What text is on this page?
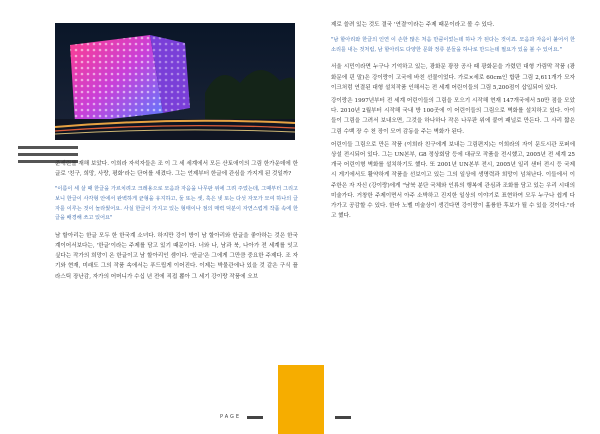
준세린를 재해 보았다. 이희라 자석자들은 조 이 그 세 세계에서 모든 산토애이의 그림 한가운데에 한글로 '친구, 희망, 사랑, 평화'라는 단어를 새겼다. 그는 언제부터 한글에 관심을 가지게 된 것일까?

"이름이 세 살 때 한글을 가르치려고 크레용으로 모음과 자음을 나무판 위에 그려 주었는데, 그때부터 그리고 보니 한글이 사각형 안에서 완벽하게 균형을 유지하고, 둘 또는 셋, 혹은 넷 또는 다섯 자모가 모여 하나의 글자를 이루는 것이 놀라웠어요. 사실 한글이 가지고 있는 형태이나 점의 매력 덕분이 자연스럽게 작품 속에 한글을 배경해 쓰고 있어요"

남 할아리는 한글 모두 한 한국계 소녀다. 하지만 강이 방이 남 할아리와 한글을 좋아하는 것은 한국 계이어서보다는, '한글'이라는 주제를 담고 있기 때문이다. 너와 나, 남과 북, 나아가 전 세계를 잇고 싶다는 작가의 희망이 온 한글이고 남 할아리인 셈이다. '한글'은 그에게 그만큼 중요한 주제다. 조 자기와 현재, 미래도 그의 작품 속에서는 푸드립게 이어진다. 이제는 박물관에나 있을 것 같은 구식 플라스틱 장난감, 자가의 어머니가 수십 년 전에 직접 뽑아 그 세기 강이랑 작품에 오브

제로 쓸려 있는 것도 결국 '연결'이라는 주제 때문이라고 볼 수 있다.

"남 할아리와 한글의 인연 이 손한 많은 처음 만큼이었는데 하나 가 된다는 것이죠. 모음과 자음이 붙어서 한 소리를 내는 것처럼, 남 할아리도 다양한 문화 정류 분들을 하나로 만드는데 필요가 있을 볼 수 있어요."

서울 시민이라면 누구나 기억하고 있는, 광화문 광장 공사 때 광화문을 가렸던 대형 가림막 작품 (광화문에 핀 말)은 강이랑이 고국에 바친 선물이었다. 가로×세로 60cm인 합판 그림 2,611개가 모자이크처럼 연결된 대형 설치작품 인해서는 전 세계 어린이들의 그림 5,200점이 삽입되어 있다.

강이랑은 1997년부터 전 세계 어린이들의 그림을 모으기 시작해 현재 147개국에서 50만 점을 모았다. 2010년 2월부터 시작해 국내 방 100곳에 이 어린이들의 그림으로 벽화를 설치하고 있다. 아이들이 그림을 그려서 보내오면, 그것을 하나하나 작은 나무판 위에 붙여 패널로 만든다. 그 사리 짧은 그림 수백 장 수 천 장이 모여 감동을 주는 벽화가 된다.

어린이들 그림으로 만든 작품 (이희라 친구에게 보내는 그림편지)는 이희라의 자이 문도시관 포퍼에 상설 전시되어 있다. 그는 UN본부, G8 정상회담 등에 대규모 작품을 전시했고, 2005년 전 세계 25개국 어린이형 벽화를 설치하기도 했다. 또 2001년 UN본부 전시, 2005년 일리 샌터 전시 등 국제 시 게기에서도 활약하게 작품을 선보이고 있는 그의 일상에 생명력과 희망이 넘쳐난다. 이들에서 이 주한은 자 자신 (강이랑)에게 "남북 분단 국체와 인류의 행복에 관심과 조화를 담고 있는 우리 시대의 미술가다. 거창한 주제이면서 아주 소박하고 진지한 일상의 이야기로 표현하여 모두 누구나 쉽게 다가가고 공감할 수 있다. 한마 노벨 미술상이 생긴다면 강이랑이 훌륭한 후보가 될 수 있을 것이다."라고 했다.

PAGE
